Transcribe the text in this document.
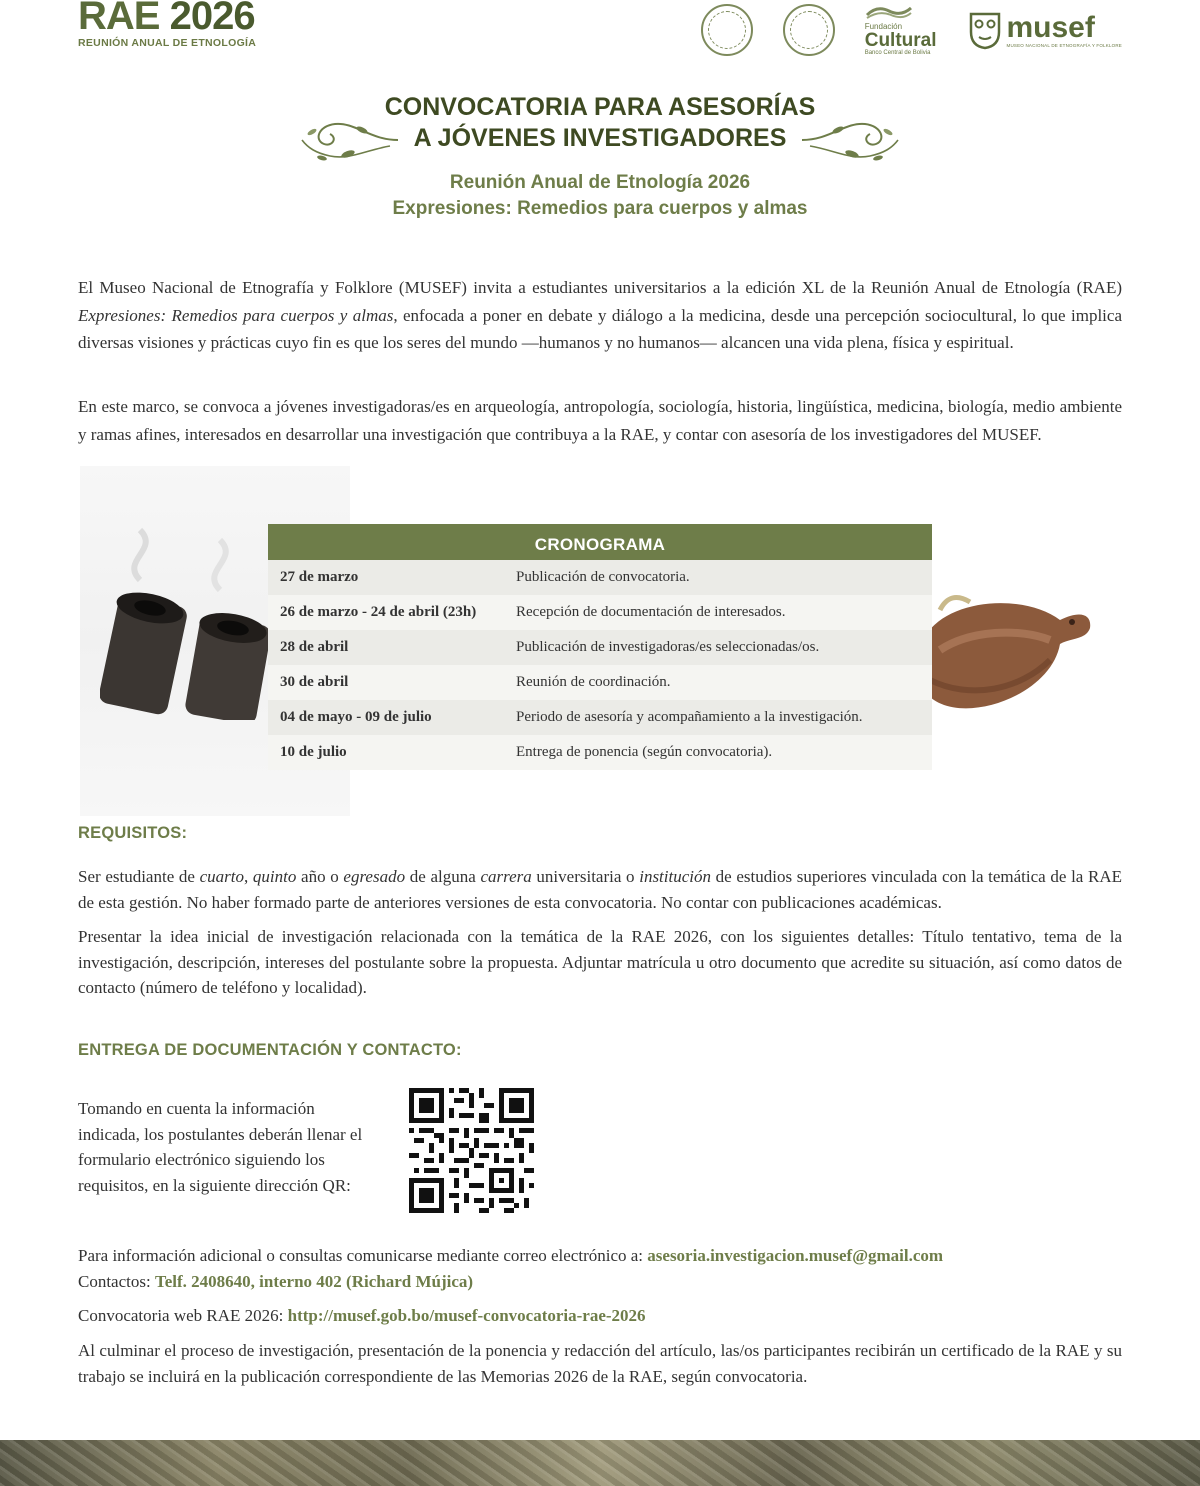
RAE 2026
REUNIÓN ANUAL DE ETNOLOGÍA
Fundación
Cultural
Banco Central de Bolivia
musef
MUSEO NACIONAL DE ETNOGRAFÍA Y FOLKLORE
CONVOCATORIA PARA ASESORÍAS
A JÓVENES INVESTIGADORES
Reunión Anual de Etnología 2026
Expresiones: Remedios para cuerpos y almas

El Museo Nacional de Etnografía y Folklore (MUSEF) invita a estudiantes universitarios a la edición XL de la Reunión Anual de Etnología (RAE) Expresiones: Remedios para cuerpos y almas, enfocada a poner en debate y diálogo a la medicina, desde una percepción sociocultural, lo que implica diversas visiones y prácticas cuyo fin es que los seres del mundo —humanos y no humanos— alcancen una vida plena, física y espiritual.

En este marco, se convoca a jóvenes investigadoras/es en arqueología, antropología, sociología, historia, lingüística, medicina, biología, medio ambiente y ramas afines, interesados en desarrollar una investigación que contribuya a la RAE, y contar con asesoría de los investigadores del MUSEF.

CRONOGRAMA
27 de marzo	Publicación de convocatoria.
26 de marzo - 24 de abril (23h)	Recepción de documentación de interesados.
28 de abril	Publicación de investigadoras/es seleccionadas/os.
30 de abril	Reunión de coordinación.
04 de mayo - 09 de julio	Periodo de asesoría y acompañamiento a la investigación.
10 de julio	Entrega de ponencia (según convocatoria).
REQUISITOS:

Ser estudiante de cuarto, quinto año o egresado de alguna carrera universitaria o institución de estudios superiores vinculada con la temática de la RAE de esta gestión. No haber formado parte de anteriores versiones de esta convocatoria. No contar con publicaciones académicas.

Presentar la idea inicial de investigación relacionada con la temática de la RAE 2026, con los siguientes detalles: Título tentativo, tema de la investigación, descripción, intereses del postulante sobre la propuesta. Adjuntar matrícula u otro documento que acredite su situación, así como datos de contacto (número de teléfono y localidad).

ENTREGA DE DOCUMENTACIÓN Y CONTACTO:
Tomando en cuenta la información indicada, los postulantes deberán llenar el formulario electrónico siguiendo los requisitos, en la siguiente dirección QR:
Para información adicional o consultas comunicarse mediante correo electrónico a: asesoria.investigacion.musef@gmail.com
Contactos: Telf. 2408640, interno 402 (Richard Mújica)
Convocatoria web RAE 2026: http://musef.gob.bo/musef-convocatoria-rae-2026

Al culminar el proceso de investigación, presentación de la ponencia y redacción del artículo, las/os participantes recibirán un certificado de la RAE y su trabajo se incluirá en la publicación correspondiente de las Memorias 2026 de la RAE, según convocatoria.
